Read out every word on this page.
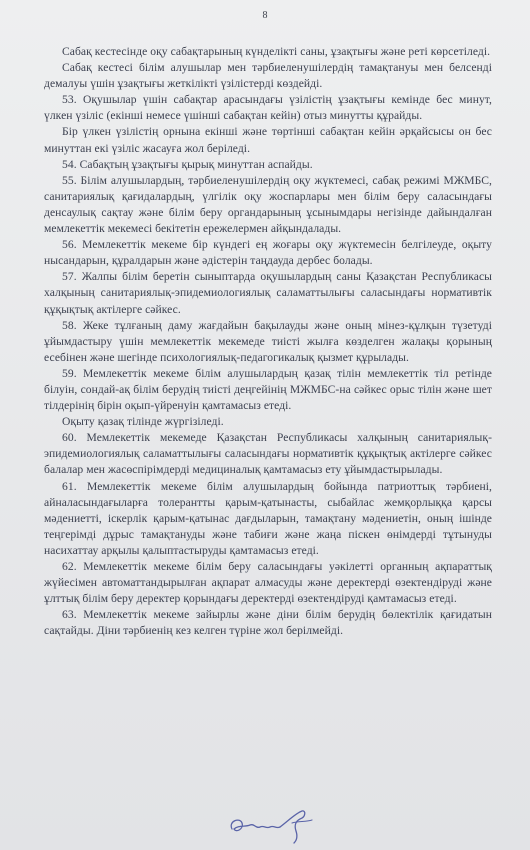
8

Сабақ кестесінде оқу сабақтарының күнделікті саны, ұзақтығы және реті көрсетіледі.

Сабақ кестесі білім алушылар мен тәрбиеленушілердің тамақтануы мен белсенді демалуы үшін ұзақтығы жеткілікті үзілістерді көздейді.

53. Оқушылар үшін сабақтар арасындағы үзілістің ұзақтығы кемінде бес минут, үлкен үзіліс (екінші немесе үшінші сабақтан кейін) отыз минутты құрайды.

Бір үлкен үзілістің орнына екінші және төртінші сабақтан кейін әрқайсысы он бес минуттан екі үзіліс жасауға жол беріледі.

54. Сабақтың ұзақтығы қырық минуттан аспайды.

55. Білім алушылардың, тәрбиеленушілердің оқу жүктемесі, сабақ режимі МЖМБС, санитариялық қағидалардың, үлгілік оқу жоспарлары мен білім беру саласындағы денсаулық сақтау және білім беру органдарының ұсынымдары негізінде дайындалған мемлекеттік мекемесі бекітетін ережелермен айқындалады.

56. Мемлекеттік мекеме бір күндегі ең жоғары оқу жүктемесін белгілеуде, оқыту нысандарын, құралдарын және әдістерін таңдауда дербес болады.

57. Жалпы білім беретін сыныптарда оқушылардың саны Қазақстан Республикасы халқының санитариялық-эпидемиологиялық саламаттылығы саласындағы нормативтік құқықтық актілерге сәйкес.

58. Жеке тұлғаның даму жағдайын бақылауды және оның мінез-құлқын түзетуді ұйымдастыру үшін мемлекеттік мекемеде тиісті жылға көзделген жалақы қорының есебінен және шегінде психологиялық-педагогикалық қызмет құрылады.

59. Мемлекеттік мекеме білім алушылардың қазақ тілін мемлекеттік тіл ретінде білуін, сондай-ақ білім берудің тиісті деңгейінің МЖМБС-на сәйкес орыс тілін және шет тілдерінің бірін оқып-үйренуін қамтамасыз етеді.

Оқыту қазақ тілінде жүргізіледі.

60. Мемлекеттік мекемеде Қазақстан Республикасы халқының санитариялық-эпидемиологиялық саламаттылығы саласындағы нормативтік құқықтық актілерге сәйкес балалар мен жасөспірімдерді медициналық қамтамасыз ету ұйымдастырылады.

61. Мемлекеттік мекеме білім алушылардың бойында патриоттық тәрбиені, айналасындағыларға толерантты қарым-қатынасты, сыбайлас жемқорлыққа қарсы мәдениетті, іскерлік қарым-қатынас дағдыларын, тамақтану мәдениетін, оның ішінде теңгерімді дұрыс тамақтануды және табиғи және жаңа піскен өнімдерді тұтынуды насихаттау арқылы қалыптастыруды қамтамасыз етеді.

62. Мемлекеттік мекеме білім беру саласындағы уәкілетті органның ақпараттық жүйесімен автоматтандырылған ақпарат алмасуды және деректерді өзектендіруді және ұлттық білім беру деректер қорындағы деректерді өзектендіруді қамтамасыз етеді.

63. Мемлекеттік мекеме зайырлы және діни білім берудің бөлектілік қағидатын сақтайды. Діни тәрбиенің кез келген түріне жол берілмейді.
